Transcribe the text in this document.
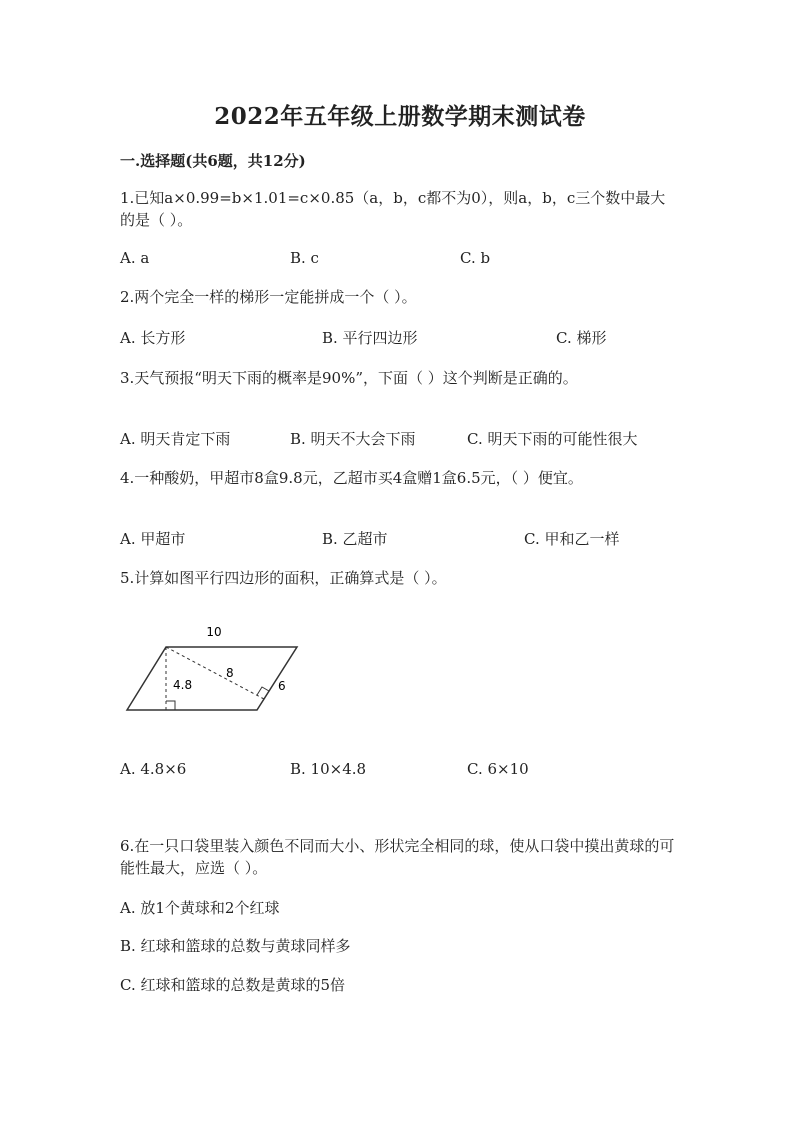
2022年五年级上册数学期末测试卷
一.选择题(共6题，共12分)
1.已知a×0.99=b×1.01=c×0.85（a，b，c都不为0），则a，b，c三个数中最大的是（ ）。
A. a	B. c	C. b
2.两个完全一样的梯形一定能拼成一个（ ）。
A. 长方形	B. 平行四边形	C. 梯形
3.天气预报“明天下雨的概率是90%”，下面（ ）这个判断是正确的。
A. 明天肯定下雨	B. 明天不大会下雨	C. 明天下雨的可能性很大
4.一种酸奶，甲超市8盒9.8元，乙超市买4盒赠1盒6.5元，（ ）便宜。
A. 甲超市	B. 乙超市	C. 甲和乙一样
5.计算如图平行四边形的面积，正确算式是（ ）。
10
4.8
8
6
A. 4.8×6	B. 10×4.8	C. 6×10
6.在一只口袋里装入颜色不同而大小、形状完全相同的球，使从口袋中摸出黄球的可能性最大，应选（ ）。
A. 放1个黄球和2个红球
B. 红球和篮球的总数与黄球同样多
C. 红球和篮球的总数是黄球的5倍
